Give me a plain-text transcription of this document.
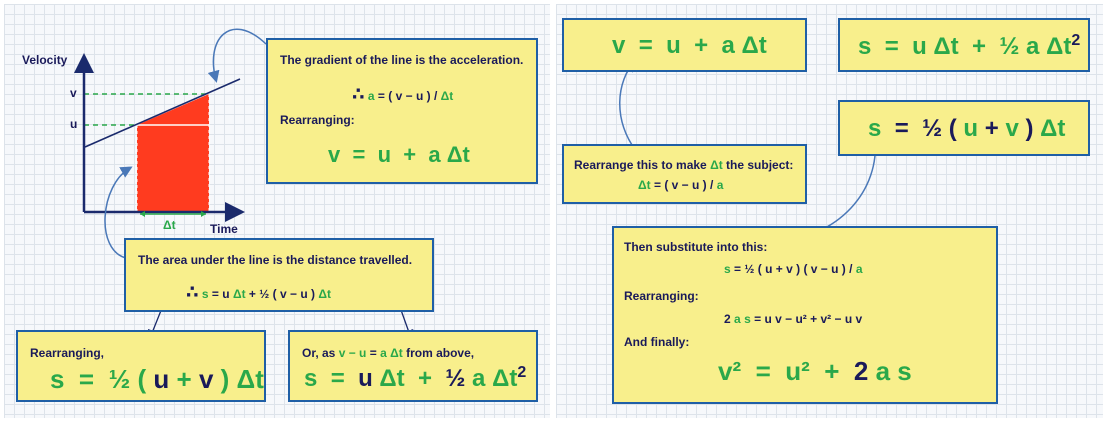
Velocity
Time
v
u
Δt
The gradient of the line is the acceleration.
∴ a = ( v − u ) / Δt
Rearranging:
v = u + a Δt
The area under the line is the distance travelled.
∴ s = u Δt + ½ ( v − u ) Δt
Rearranging,
s = ½ ( u + v ) Δt
Or, as v − u = a Δt from above,
s = u Δt + ½ a $\Delta t^2$
v = u + a Δt	s = u Δt + ½ a $\Delta t^2$
s = ½ ( u + v ) Δt
Rearrange this to make Δt the subject:
Δt = ( v − u ) / a
Then substitute into this:
s = ½ ( u + v ) ( v − u ) / a
Rearranging:
2 a s = u v − u² + v² − u v
And finally:
v² = u² + 2 a s
